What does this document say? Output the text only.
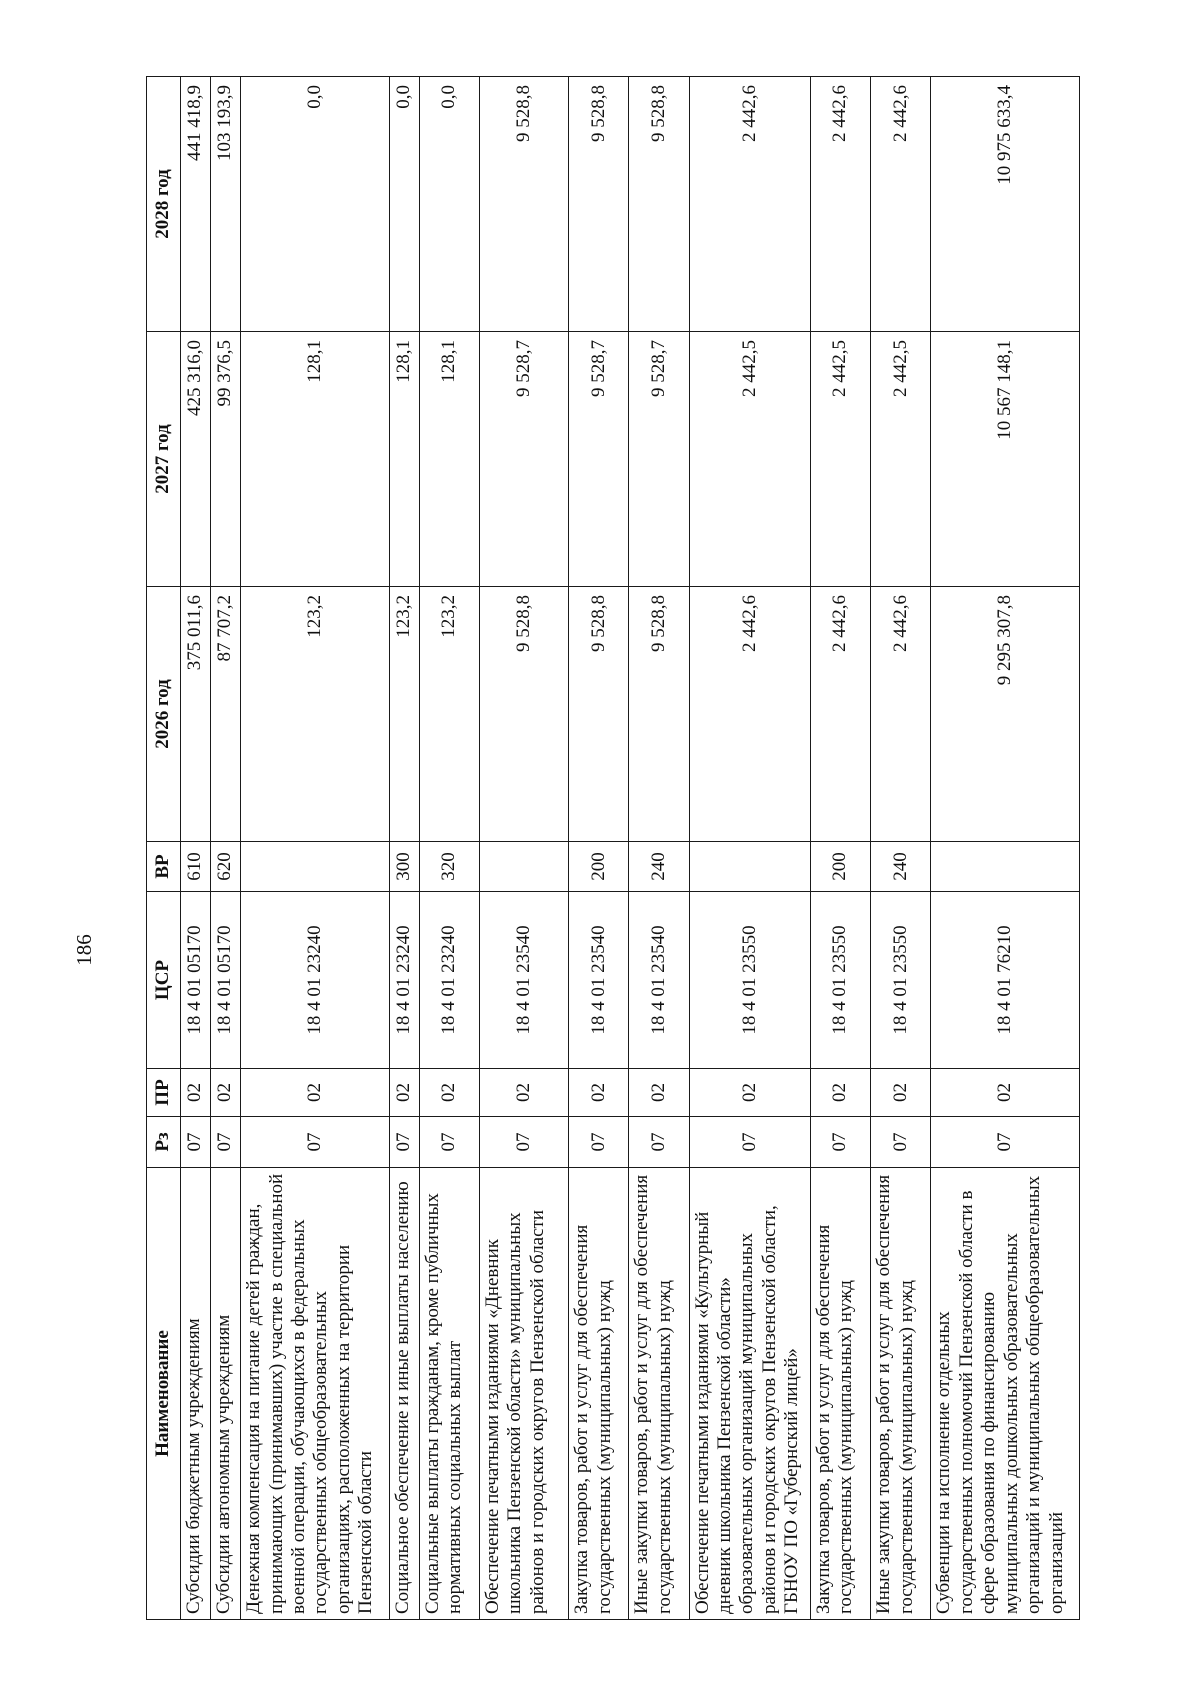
186
Наименование	Рз	ПР	ЦСР	ВР	2026 год	2027 год	2028 год
Субсидии бюджетным учреждениям	07	02	18 4 01 05170	610	375 011,6	425 316,0	441 418,9
Субсидии автономным учреждениям	07	02	18 4 01 05170	620	87 707,2	99 376,5	103 193,9
Денежная компенсация на питание детей граждан, принимающих (принимавших) участие в специальной военной операции, обучающихся в федеральных государственных общеобразовательных организациях, расположенных на территории Пензенской области	07	02	18 4 01 23240		123,2	128,1	0,0
Социальное обеспечение и иные выплаты населению	07	02	18 4 01 23240	300	123,2	128,1	0,0
Социальные выплаты гражданам, кроме публичных нормативных социальных выплат	07	02	18 4 01 23240	320	123,2	128,1	0,0
Обеспечение печатными изданиями «Дневник школьника Пензенской области» муниципальных районов и городских округов Пензенской области	07	02	18 4 01 23540		9 528,8	9 528,7	9 528,8
Закупка товаров, работ и услуг для обеспечения государственных (муниципальных) нужд	07	02	18 4 01 23540	200	9 528,8	9 528,7	9 528,8
Иные закупки товаров, работ и услуг для обеспечения государственных (муниципальных) нужд	07	02	18 4 01 23540	240	9 528,8	9 528,7	9 528,8
Обеспечение печатными изданиями «Культурный дневник школьника Пензенской области» образовательных организаций муниципальных районов и городских округов Пензенской области, ГБНОУ ПО «Губернский лицей»	07	02	18 4 01 23550		2 442,6	2 442,5	2 442,6
Закупка товаров, работ и услуг для обеспечения государственных (муниципальных) нужд	07	02	18 4 01 23550	200	2 442,6	2 442,5	2 442,6
Иные закупки товаров, работ и услуг для обеспечения государственных (муниципальных) нужд	07	02	18 4 01 23550	240	2 442,6	2 442,5	2 442,6
Субвенции на исполнение отдельных государственных полномочий Пензенской области в сфере образования по финансированию муниципальных дошкольных образовательных организаций и муниципальных общеобразовательных организаций	07	02	18 4 01 76210		9 295 307,8	10 567 148,1	10 975 633,4
